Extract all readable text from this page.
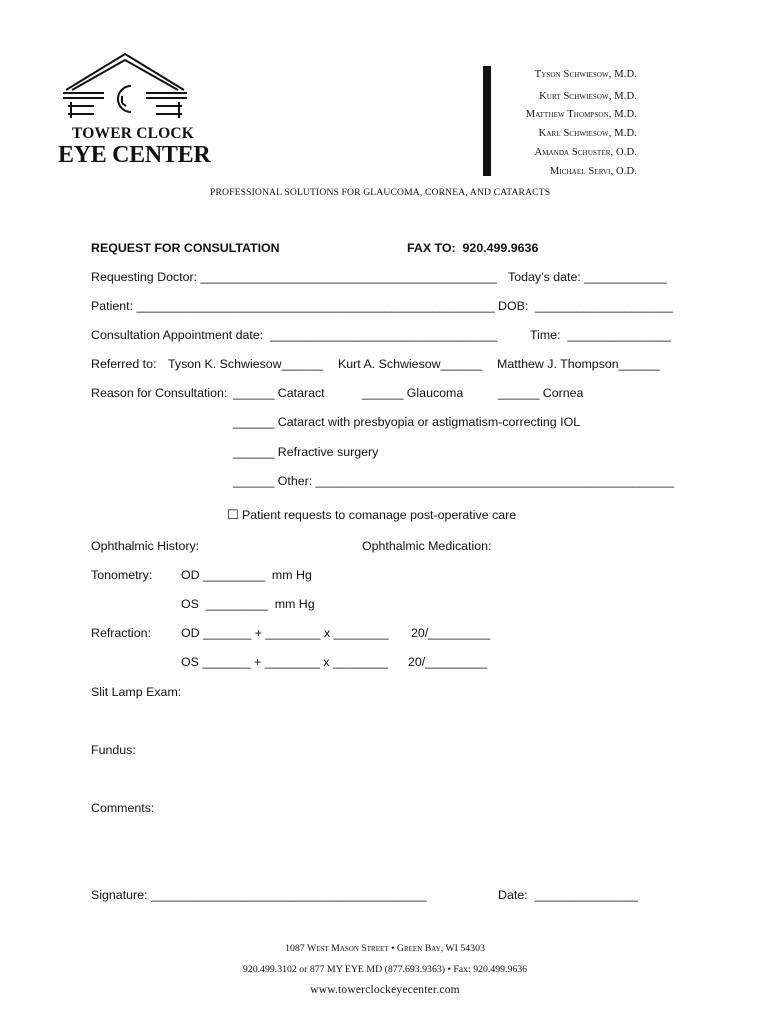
TOWER CLOCK
EYE CENTER
Tyson Schwiesow, M.D.
Kurt Schwiesow, M.D.
Matthew Thompson, M.D.
Karl Schwiesow, M.D.
Amanda Schuster, O.D.
Michael Servi, O.D.
PROFESSIONAL SOLUTIONS FOR GLAUCOMA, CORNEA, AND CATARACTS
REQUEST FOR CONSULTATION	FAX TO:  920.499.9636
Requesting Doctor: ___________________________________________ Today’s date: ____________
Patient: ____________________________________________________ DOB:  ____________________
Consultation Appointment date:  _________________________________	Time:  _______________
Referred to: Tyson K. Schwiesow______ Kurt A. Schwiesow______ Matthew J. Thompson______
Reason for Consultation: ______ Cataract	______ Glaucoma	______ Cornea
______ Cataract with presbyopia or astigmatism-correcting IOL
______ Refractive surgery
______ Other: ____________________________________________________
☐ Patient requests to comanage post-operative care
Ophthalmic History:	Ophthalmic Medication:
Tonometry: OD _________  mm Hg
OS  _________  mm Hg
Refraction: OD _______ + ________ x ________ 20/_________
OS _______ + ________ x ________ 20/_________
Slit Lamp Exam:
Fundus:
Comments:
Signature: ________________________________________	Date:  _______________
1087 West Mason Street • Green Bay, WI 54303
920.499.3102 or 877 MY EYE MD (877.693.9363) • Fax: 920.499.9636
www.towerclockeyecenter.com
